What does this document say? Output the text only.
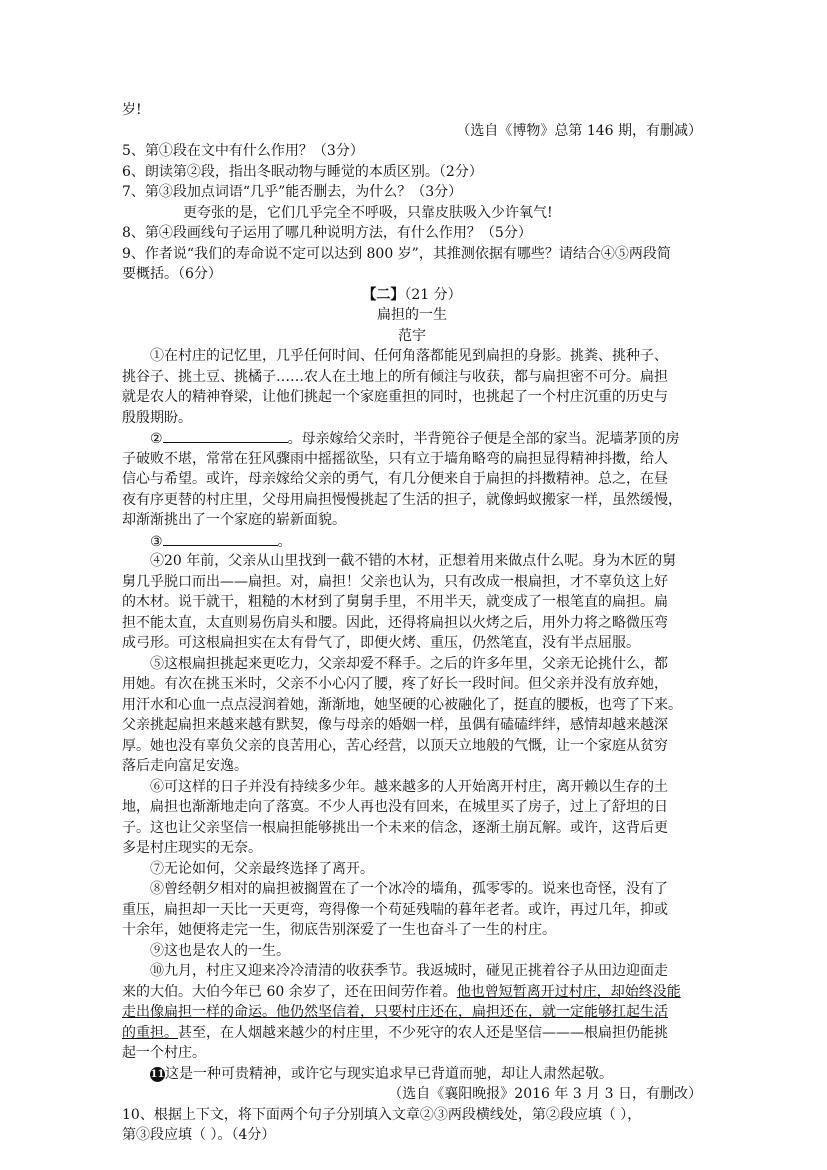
岁!
（选自《博物》总第 146 期，有删减）
5、第①段在文中有什么作用？（3分）
6、朗读第②段，指出冬眠动物与睡觉的本质区别。（2分）
7、第③段加点词语“几乎”能否删去，为什么？（3分）
更夸张的是，它们几乎完全不呼吸，只靠皮肤吸入少许氧气!
8、第④段画线句子运用了哪几种说明方法，有什么作用？（5分）
9、作者说“我们的寿命说不定可以达到 800 岁”，其推测依据有哪些？请结合④⑤两段简
要概括。（6分）
【二】（21 分）
扁担的一生
范宇
①在村庄的记忆里，几乎任何时间、任何角落都能见到扁担的身影。挑粪、挑种子、
挑谷子、挑土豆、挑橘子……农人在土地上的所有倾注与收获，都与扁担密不可分。扁担
就是农人的精神脊梁，让他们挑起一个家庭重担的同时，也挑起了一个村庄沉重的历史与
殷殷期盼。
②	。母亲嫁给父亲时，半背篼谷子便是全部的家当。泥墙茅顶的房
子破败不堪，常常在狂风骤雨中摇摇欲坠，只有立于墙角略弯的扁担显得精神抖擞，给人
信心与希望。或许，母亲嫁给父亲的勇气，有几分便来自于扁担的抖擞精神。总之，在昼
夜有序更替的村庄里，父母用扁担慢慢挑起了生活的担子，就像蚂蚁搬家一样，虽然缓慢，
却渐渐挑出了一个家庭的崭新面貌。
③	。
④20 年前，父亲从山里找到一截不错的木材，正想着用来做点什么呢。身为木匠的舅
舅几乎脱口而出——扁担。对，扁担！父亲也认为，只有改成一根扁担，才不辜负这上好
的木材。说干就干，粗糙的木材到了舅舅手里，不用半天，就变成了一根笔直的扁担。扁
担不能太直，太直则易伤肩头和腰。因此，还得将扁担以火烤之后，用外力将之略微压弯
成弓形。可这根扁担实在太有骨气了，即便火烤、重压，仍然笔直，没有半点屈服。
⑤这根扁担挑起来更吃力，父亲却爱不释手。之后的许多年里，父亲无论挑什么，都
用她。有次在挑玉米时，父亲不小心闪了腰，疼了好长一段时间。但父亲并没有放弃她，
用汗水和心血一点点浸润着她，渐渐地，她坚硬的心被融化了，挺直的腰板，也弯了下来。
父亲挑起扁担来越来越有默契，像与母亲的婚姻一样，虽偶有磕磕绊绊，感情却越来越深
厚。她也没有辜负父亲的良苦用心，苦心经营，以顶天立地般的气慨，让一个家庭从贫穷
落后走向富足安逸。
⑥可这样的日子并没有持续多少年。越来越多的人开始离开村庄，离开赖以生存的土
地，扁担也渐渐地走向了落寞。不少人再也没有回来，在城里买了房子，过上了舒坦的日
子。这也让父亲坚信一根扁担能够挑出一个未来的信念，逐渐土崩瓦解。或许，这背后更
多是村庄现实的无奈。
⑦无论如何，父亲最终选择了离开。
⑧曾经朝夕相对的扁担被搁置在了一个冰冷的墙角，孤零零的。说来也奇怪，没有了
重压，扁担却一天比一天更弯，弯得像一个苟延残喘的暮年老者。或许，再过几年，抑或
十余年，她便将走完一生，彻底告别深爱了一生也奋斗了一生的村庄。
⑨这也是农人的一生。
⑩九月，村庄又迎来冷冷清清的收获季节。我返城时，碰见正挑着谷子从田边迎面走
来的大伯。大伯今年已 60 余岁了，还在田间劳作着。他也曾短暂离开过村庄，却始终没能
走出像扁担一样的命运。他仍然坚信着，只要村庄还在，扁担还在，就一定能够扛起生活
的重担。甚至，在人烟越来越少的村庄里，不少死守的农人还是坚信———根扁担仍能挑
起一个村庄。
11这是一种可贵精神，或许它与现实追求早已背道而驰，却让人肃然起敬。
（选自《襄阳晚报》2016 年 3 月 3 日，有删改）
10、根据上下文，将下面两个句子分别填入文章②③两段横线处，第②段应填（ ），
第③段应填（ ）。（4分）
